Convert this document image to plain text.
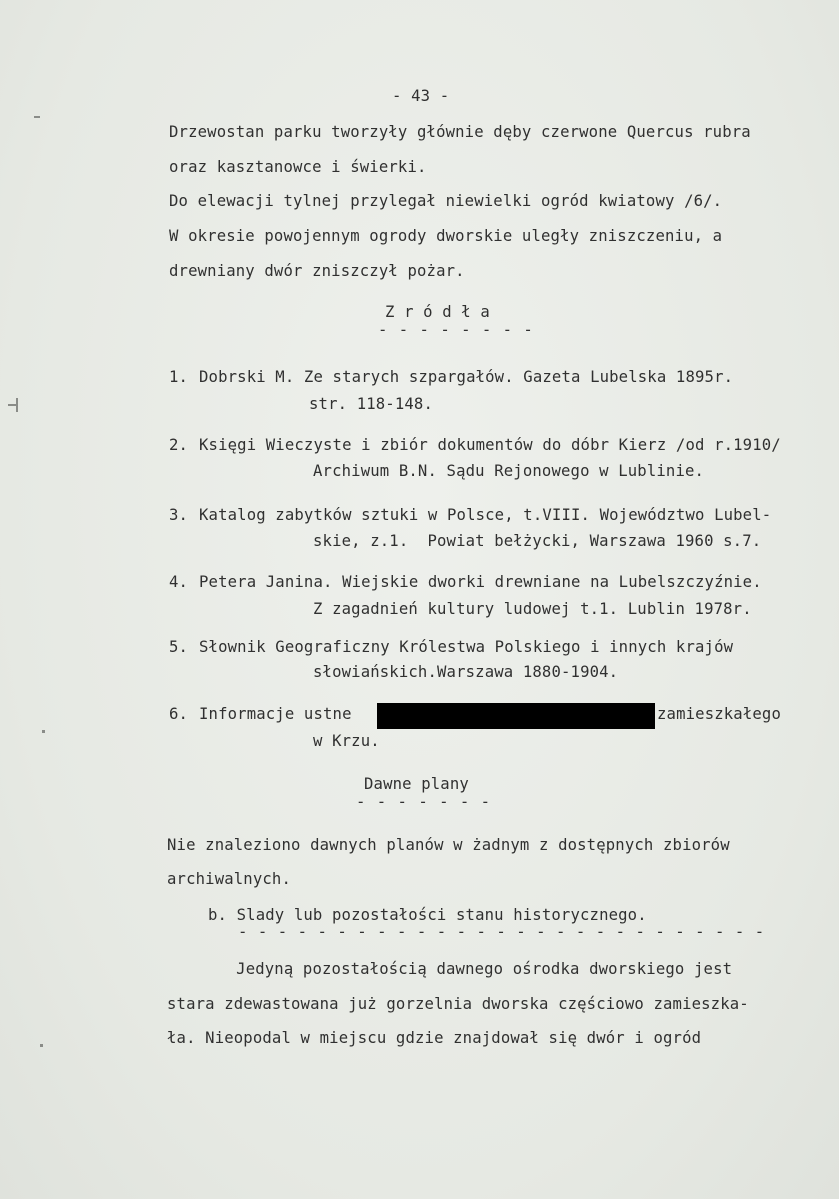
- 43 -
Drzewostan parku tworzyły głównie dęby czerwone Quercus rubra
oraz kasztanowce i świerki.
Do elewacji tylnej przylegał niewielki ogród kwiatowy /6/.
W okresie powojennym ogrody dworskie uległy zniszczeniu, a
drewniany dwór zniszczył pożar.
Z r ó d ł a
- - - - - - - -
1. Dobrski M. Ze starych szpargałów. Gazeta Lubelska 1895r.
str. 118-148.
2. Księgi Wieczyste i zbiór dokumentów do dóbr Kierz /od r.1910/
Archiwum B.N. Sądu Rejonowego w Lublinie.
3. Katalog zabytków sztuki w Polsce, t.VIII. Województwo Lubel-
skie, z.1.  Powiat bełżycki, Warszawa 1960 s.7.
4. Petera Janina. Wiejskie dworki drewniane na Lubelszczyźnie.
Z zagadnień kultury ludowej t.1. Lublin 1978r.
5. Słownik Geograficzny Królestwa Polskiego i innych krajów
słowiańskich.Warszawa 1880-1904.
6. Informacje ustne	zamieszkałego
w Krzu.
Dawne plany
- - - - - - -
Nie znaleziono dawnych planów w żadnym z dostępnych zbiorów
archiwalnych.
b. Slady lub pozostałości stanu historycznego.
- - - - - - - - - - - - - - - - - - - - - - - - - - -
Jedyną pozostałością dawnego ośrodka dworskiego jest
stara zdewastowana już gorzelnia dworska częściowo zamieszka-
ła. Nieopodal w miejscu gdzie znajdował się dwór i ogród
